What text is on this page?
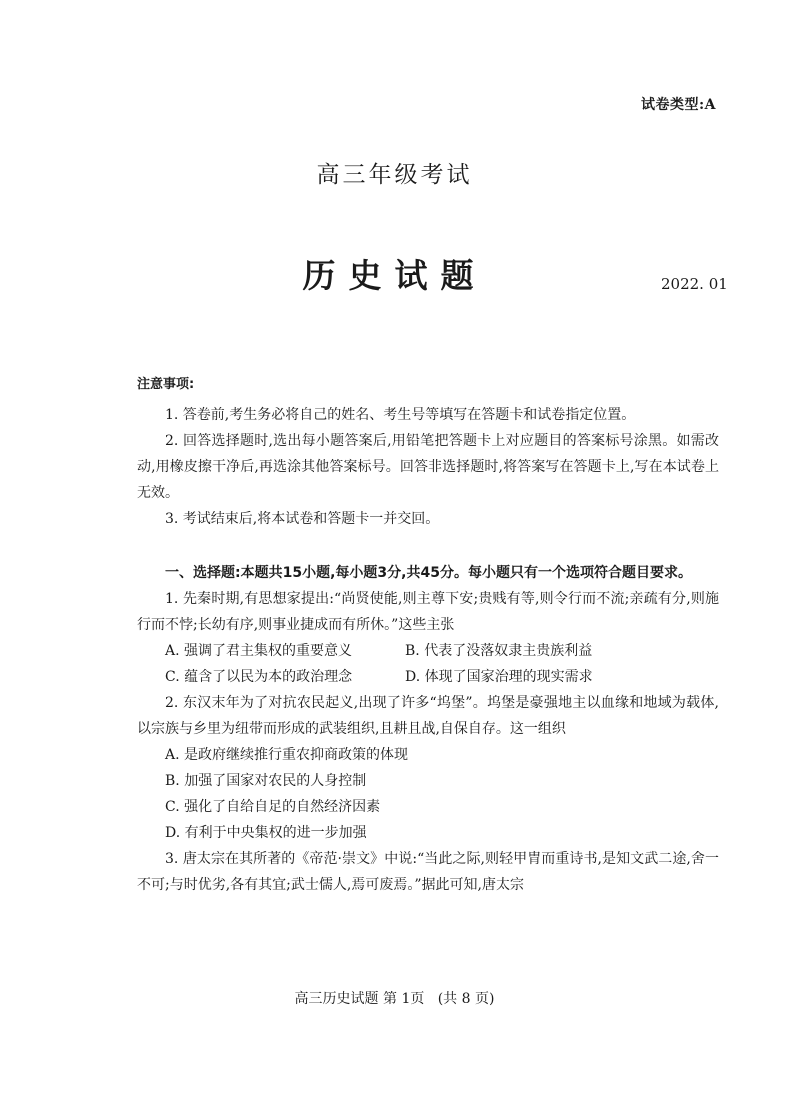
试卷类型:A
高三年级考试
历史试题	2022. 01

注意事项:

1. 答卷前,考生务必将自己的姓名、考生号等填写在答题卡和试卷指定位置。

2. 回答选择题时,选出每小题答案后,用铅笔把答题卡上对应题目的答案标号涂黑。如需改动,用橡皮擦干净后,再选涂其他答案标号。回答非选择题时,将答案写在答题卡上,写在本试卷上无效。

3. 考试结束后,将本试卷和答题卡一并交回。

一、选择题:本题共15小题,每小题3分,共45分。每小题只有一个选项符合题目要求。

1. 先秦时期,有思想家提出:“尚贤使能,则主尊下安;贵贱有等,则令行而不流;亲疏有分,则施行而不悖;长幼有序,则事业捷成而有所休。”这些主张

A. 强调了君主集权的重要意义	B. 代表了没落奴隶主贵族利益
C. 蕴含了以民为本的政治理念	D. 体现了国家治理的现实需求

2. 东汉末年为了对抗农民起义,出现了许多“坞堡”。坞堡是豪强地主以血缘和地域为载体,以宗族与乡里为纽带而形成的武装组织,且耕且战,自保自存。这一组织

A. 是政府继续推行重农抑商政策的体现

B. 加强了国家对农民的人身控制

C. 强化了自给自足的自然经济因素

D. 有利于中央集权的进一步加强

3. 唐太宗在其所著的《帝范·崇文》中说:“当此之际,则轻甲胄而重诗书,是知文武二途,舍一不可;与时优劣,各有其宜;武士儒人,焉可废焉。”据此可知,唐太宗

高三历史试题 第 1页 (共 8 页)
